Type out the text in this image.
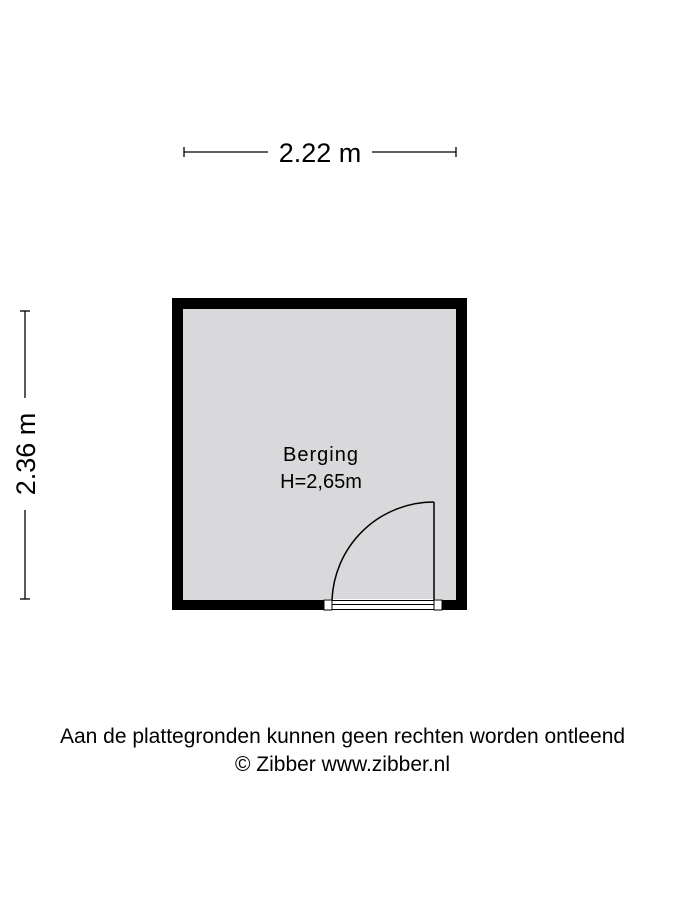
2.22 m
2.36 m	Berging
H=2,65m
Aan de plattegronden kunnen geen rechten worden ontleend
© Zibber www.zibber.nl
